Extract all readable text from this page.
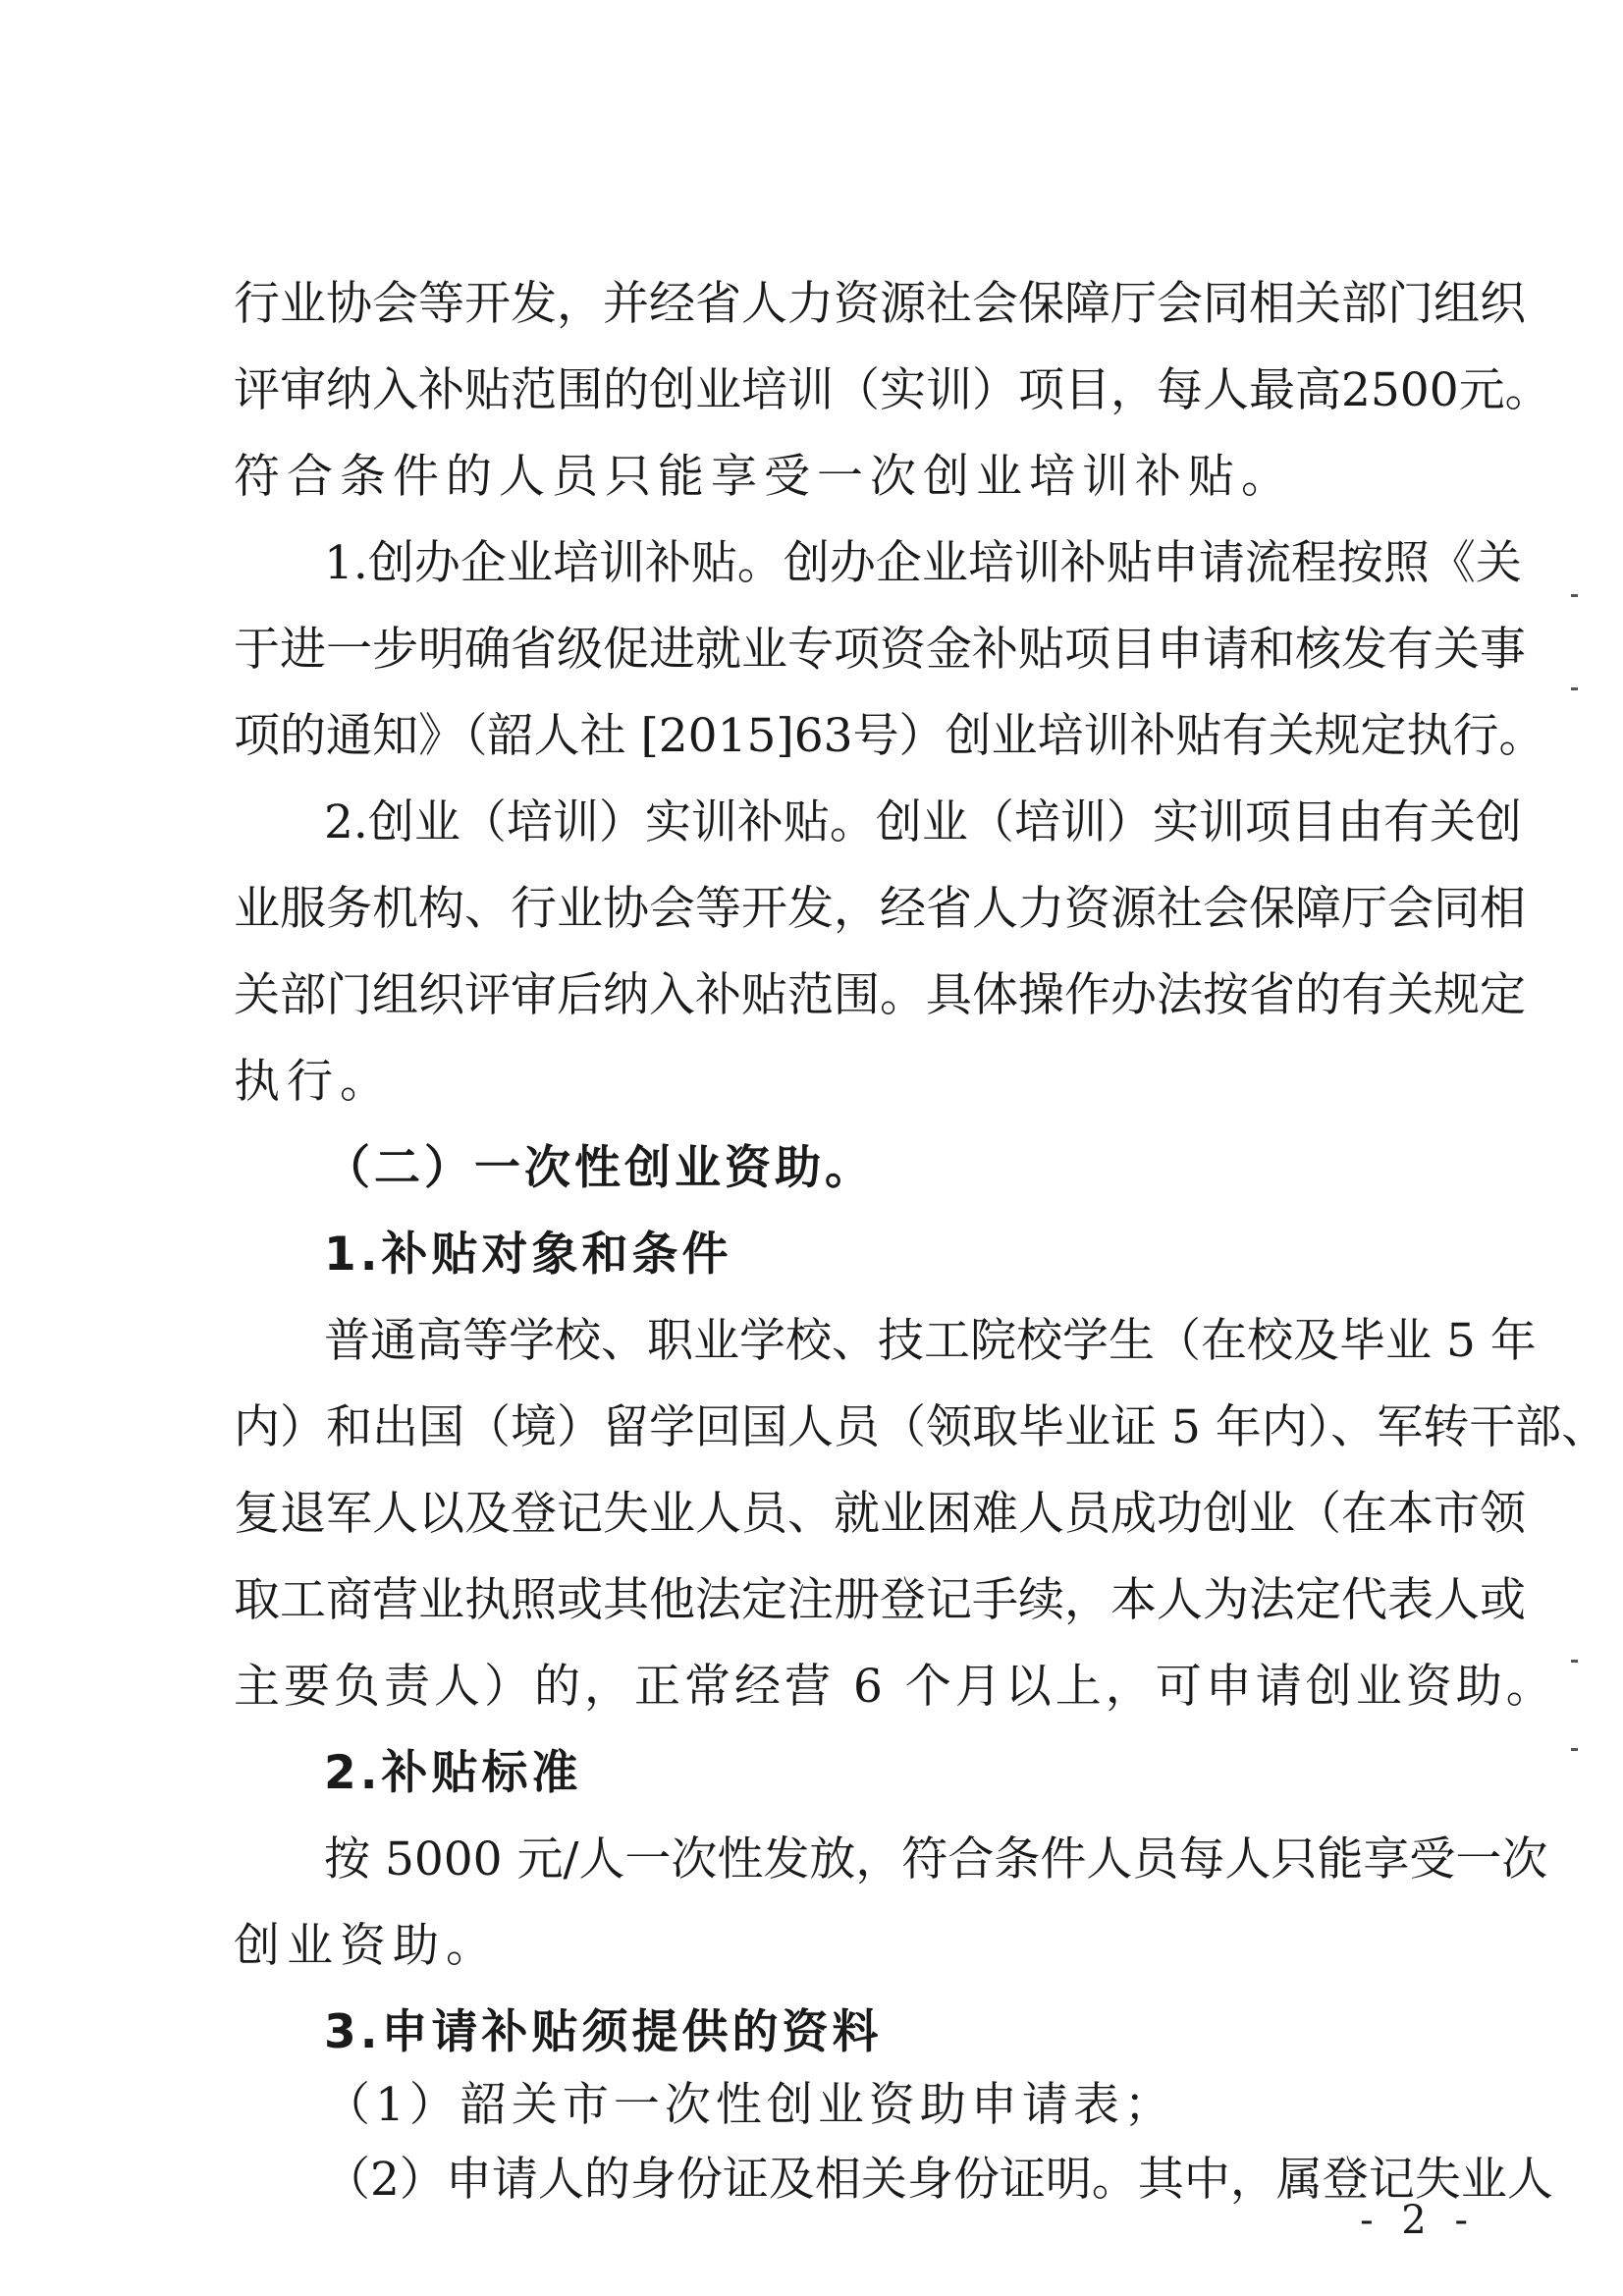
行业协会等开发，并经省人力资源社会保障厅会同相关部门组织
评审纳入补贴范围的创业培训（实训）项目，每人最高2500元。
符合条件的人员只能享受一次创业培训补贴。
1.创办企业培训补贴。创办企业培训补贴申请流程按照《关
于进一步明确省级促进就业专项资金补贴项目申请和核发有关事
项的通知》（韶人社 [2015]63号）创业培训补贴有关规定执行。
2.创业（培训）实训补贴。创业（培训）实训项目由有关创
业服务机构、行业协会等开发，经省人力资源社会保障厅会同相
关部门组织评审后纳入补贴范围。具体操作办法按省的有关规定
执行。
（二）一次性创业资助。
1.补贴对象和条件
普通高等学校、职业学校、技工院校学生（在校及毕业 5 年
内）和出国（境）留学回国人员（领取毕业证 5 年内）、军转干部、
复退军人以及登记失业人员、就业困难人员成功创业（在本市领
取工商营业执照或其他法定注册登记手续，本人为法定代表人或
主要负责人）的，正常经营 6 个月以上，可申请创业资助。
2.补贴标准
按 5000 元/人一次性发放，符合条件人员每人只能享受一次
创业资助。
3.申请补贴须提供的资料
（1）韶关市一次性创业资助申请表；
（2）申请人的身份证及相关身份证明。其中，属登记失业人
- 2 -
